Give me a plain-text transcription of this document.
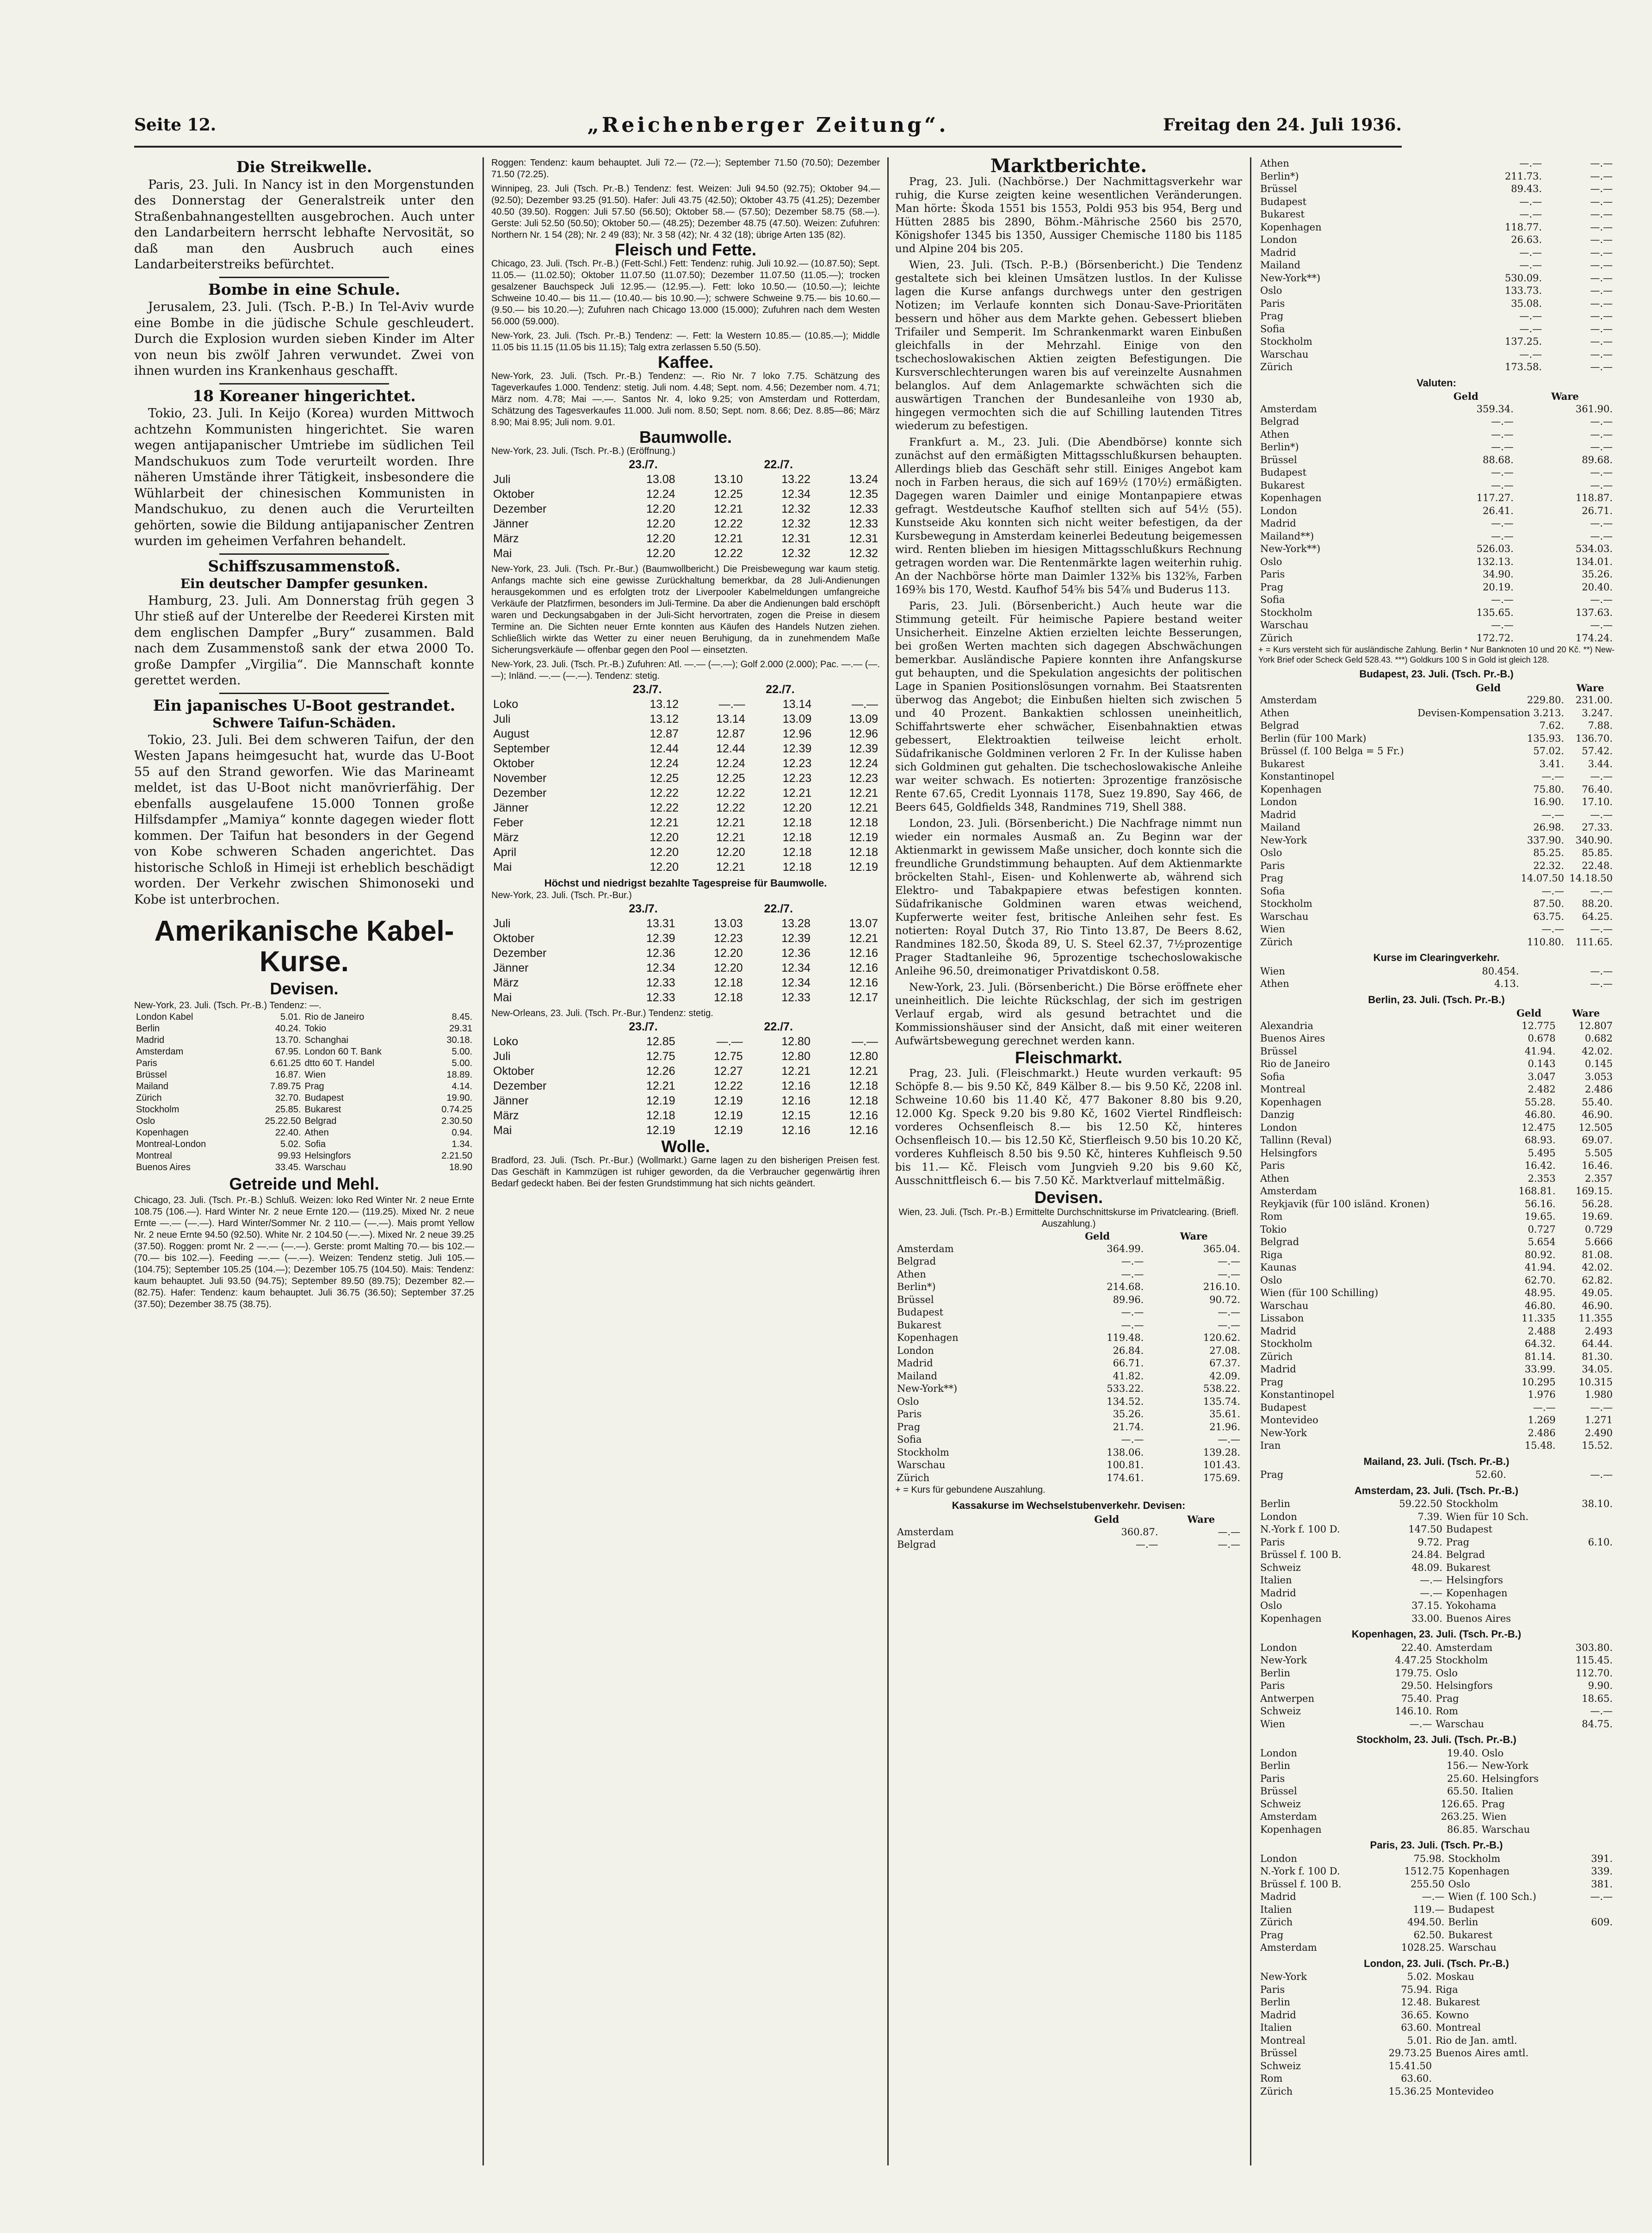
Seite 12.	„Reichenberger Zeitung“.	Freitag den 24. Juli 1936.
Die Streikwelle.

Paris, 23. Juli. In Nancy ist in den Morgenstunden des Donnerstag der Generalstreik unter den Straßenbahnangestellten ausgebrochen. Auch unter den Landarbeitern herrscht lebhafte Nervosität, so daß man den Ausbruch auch eines Landarbeiterstreiks befürchtet.

Bombe in eine Schule.

Jerusalem, 23. Juli. (Tsch. P.-B.) In Tel-Aviv wurde eine Bombe in die jüdische Schule geschleudert. Durch die Explosion wurden sieben Kinder im Alter von neun bis zwölf Jahren verwundet. Zwei von ihnen wurden ins Krankenhaus geschafft.

18 Koreaner hingerichtet.

Tokio, 23. Juli. In Keijo (Korea) wurden Mittwoch achtzehn Kommunisten hingerichtet. Sie waren wegen antijapanischer Umtriebe im südlichen Teil Mandschukuos zum Tode verurteilt worden. Ihre näheren Umstände ihrer Tätigkeit, insbesondere die Wühlarbeit der chinesischen Kommunisten in Mandschukuo, zu denen auch die Verurteilten gehörten, sowie die Bildung antijapanischer Zentren wurden im geheimen Verfahren behandelt.

Schiffszusammenstoß.
Ein deutscher Dampfer gesunken.

Hamburg, 23. Juli. Am Donnerstag früh gegen 3 Uhr stieß auf der Unterelbe der Reederei Kirsten mit dem englischen Dampfer „Bury“ zusammen. Bald nach dem Zusammenstoß sank der etwa 2000 To. große Dampfer „Virgilia“. Die Mannschaft konnte gerettet werden.

Ein japanisches U-Boot gestrandet.
Schwere Taifun-Schäden.

Tokio, 23. Juli. Bei dem schweren Taifun, der den Westen Japans heimgesucht hat, wurde das U-Boot 55 auf den Strand geworfen. Wie das Marineamt meldet, ist das U-Boot nicht manövrierfähig. Der ebenfalls ausgelaufene 15.000 Tonnen große Hilfsdampfer „Mamiya“ konnte dagegen wieder flott kommen. Der Taifun hat besonders in der Gegend von Kobe schweren Schaden angerichtet. Das historische Schloß in Himeji ist erheblich beschädigt worden. Der Verkehr zwischen Shimonoseki und Kobe ist unterbrochen.

Amerikanische Kabel-Kurse.
Devisen.
New-York, 23. Juli. (Tsch. Pr.-B.) Tendenz: —.
London Kabel	5.01.	Rio de Janeiro	8.45.
Berlin	40.24.	Tokio	29.31
Madrid	13.70.	Schanghai	30.18.
Amsterdam	67.95.	London 60 T. Bank	5.00.
Paris	6.61.25	dtto 60 T. Handel	5.00.
Brüssel	16.87.	Wien	18.89.
Mailand	7.89.75	Prag	4.14.
Zürich	32.70.	Budapest	19.90.
Stockholm	25.85.	Bukarest	0.74.25
Oslo	25.22.50	Belgrad	2.30.50
Kopenhagen	22.40.	Athen	0.94.
Montreal-London	5.02.	Sofia	1.34.
Montreal	99.93	Helsingfors	2.21.50
Buenos Aires	33.45.	Warschau	18.90
Getreide und Mehl.
Chicago, 23. Juli. (Tsch. Pr.-B.) Schluß. Weizen: loko Red Winter Nr. 2 neue Ernte 108.75 (106.—). Hard Winter Nr. 2 neue Ernte 120.— (119.25). Mixed Nr. 2 neue Ernte —.— (—.—). Hard Winter/Sommer Nr. 2 110.— (—.—). Mais promt Yellow Nr. 2 neue Ernte 94.50 (92.50). White Nr. 2 104.50 (—.—). Mixed Nr. 2 neue 39.25 (37.50). Roggen: promt Nr. 2 —.— (—.—). Gerste: promt Malting 70.— bis 102.— (70.— bis 102.—). Feeding —.— (—.—). Weizen: Tendenz stetig. Juli 105.— (104.75); September 105.25 (104.—); Dezember 105.75 (104.50). Mais: Tendenz: kaum behauptet. Juli 93.50 (94.75); September 89.50 (89.75); Dezember 82.— (82.75). Hafer: Tendenz: kaum behauptet. Juli 36.75 (36.50); September 37.25 (37.50); Dezember 38.75 (38.75).
Roggen: Tendenz: kaum behauptet. Juli 72.— (72.—); September 71.50 (70.50); Dezember 71.50 (72.25).
Winnipeg, 23. Juli (Tsch. Pr.-B.) Tendenz: fest. Weizen: Juli 94.50 (92.75); Oktober 94.— (92.50); Dezember 93.25 (91.50). Hafer: Juli 43.75 (42.50); Oktober 43.75 (41.25); Dezember 40.50 (39.50). Roggen: Juli 57.50 (56.50); Oktober 58.— (57.50); Dezember 58.75 (58.—). Gerste: Juli 52.50 (50.50); Oktober 50.— (48.25); Dezember 48.75 (47.50). Weizen: Zufuhren: Northern Nr. 1 54 (28); Nr. 2 49 (83); Nr. 3 58 (42); Nr. 4 32 (18); übrige Arten 135 (82).
Fleisch und Fette.
Chicago, 23. Juli. (Tsch. Pr.-B.) (Fett-Schl.) Fett: Tendenz: ruhig. Juli 10.92.— (10.87.50); Sept. 11.05.— (11.02.50); Oktober 11.07.50 (11.07.50); Dezember 11.07.50 (11.05.—); trocken gesalzener Bauchspeck Juli 12.95.— (12.95.—). Fett: loko 10.50.— (10.50.—); leichte Schweine 10.40.— bis 11.— (10.40.— bis 10.90.—); schwere Schweine 9.75.— bis 10.60.— (9.50.— bis 10.20.—); Zufuhren nach Chicago 13.000 (15.000); Zufuhren nach dem Westen 56.000 (59.000).
New-York, 23. Juli. (Tsch. Pr.-B.) Tendenz: —. Fett: la Western 10.85.— (10.85.—); Middle 11.05 bis 11.15 (11.05 bis 11.15); Talg extra zerlassen 5.50 (5.50).
Kaffee.
New-York, 23. Juli. (Tsch. Pr.-B.) Tendenz: —. Rio Nr. 7 loko 7.75. Schätzung des Tageverkaufes 1.000. Tendenz: stetig. Juli nom. 4.48; Sept. nom. 4.56; Dezember nom. 4.71; März nom. 4.78; Mai —.—. Santos Nr. 4, loko 9.25; von Amsterdam und Rotterdam, Schätzung des Tagesverkaufes 11.000. Juli nom. 8.50; Sept. nom. 8.66; Dez. 8.85—86; März 8.90; Mai 8.95; Juli nom. 9.01.
Baumwolle.
New-York, 23. Juli. (Tsch. Pr.-B.) (Eröffnung.)
	23./7.		22./7.	
Juli	13.08	13.10	13.22	13.24
Oktober	12.24	12.25	12.34	12.35
Dezember	12.20	12.21	12.32	12.33
Jänner	12.20	12.22	12.32	12.33
März	12.20	12.21	12.31	12.31
Mai	12.20	12.22	12.32	12.32
New-York, 23. Juli. (Tsch. Pr.-Bur.) (Baumwollbericht.) Die Preisbewegung war kaum stetig. Anfangs machte sich eine gewisse Zurückhaltung bemerkbar, da 28 Juli-Andienungen herausgekommen und es erfolgten trotz der Liverpooler Kabelmeldungen umfangreiche Verkäufe der Platzfirmen, besonders im Juli-Termine. Da aber die Andienungen bald erschöpft waren und Deckungsabgaben in der Juli-Sicht hervortraten, zogen die Preise in diesem Termine an. Die Sichten neuer Ernte konnten aus Käufen des Handels Nutzen ziehen. Schließlich wirkte das Wetter zu einer neuen Beruhigung, da in zunehmendem Maße Sicherungsverkäufe — offenbar gegen den Pool — einsetzten.
New-York, 23. Juli. (Tsch. Pr.-B.) Zufuhren: Atl. —.— (—.—); Golf 2.000 (2.000); Pac. —.— (—.—); Inländ. —.— (—.—). Tendenz: stetig.
	23./7.		22./7.	
Loko	13.12	—.—	13.14	—.—
Juli	13.12	13.14	13.09	13.09
August	12.87	12.87	12.96	12.96
September	12.44	12.44	12.39	12.39
Oktober	12.24	12.24	12.23	12.24
November	12.25	12.25	12.23	12.23
Dezember	12.22	12.22	12.21	12.21
Jänner	12.22	12.22	12.20	12.21
Feber	12.21	12.21	12.18	12.18
März	12.20	12.21	12.18	12.19
April	12.20	12.20	12.18	12.18
Mai	12.20	12.21	12.18	12.19
Höchst und niedrigst bezahlte Tagespreise für Baumwolle.
New-York, 23. Juli. (Tsch. Pr.-Bur.)
	23./7.		22./7.	
Juli	13.31	13.03	13.28	13.07
Oktober	12.39	12.23	12.39	12.21
Dezember	12.36	12.20	12.36	12.16
Jänner	12.34	12.20	12.34	12.16
März	12.33	12.18	12.34	12.16
Mai	12.33	12.18	12.33	12.17
New-Orleans, 23. Juli. (Tsch. Pr.-Bur.) Tendenz: stetig.
	23./7.		22./7.	
Loko	12.85	—.—	12.80	—.—
Juli	12.75	12.75	12.80	12.80
Oktober	12.26	12.27	12.21	12.21
Dezember	12.21	12.22	12.16	12.18
Jänner	12.19	12.19	12.16	12.18
März	12.18	12.19	12.15	12.16
Mai	12.19	12.19	12.16	12.16
Wolle.
Bradford, 23. Juli. (Tsch. Pr.-Bur.) (Wollmarkt.) Garne lagen zu den bisherigen Preisen fest. Das Geschäft in Kammzügen ist ruhiger geworden, da die Verbraucher gegenwärtig ihren Bedarf gedeckt haben. Bei der festen Grundstimmung hat sich nichts geändert.
Marktberichte.

Prag, 23. Juli. (Nachbörse.) Der Nachmittagsverkehr war ruhig, die Kurse zeigten keine wesentlichen Veränderungen. Man hörte: Škoda 1551 bis 1553, Poldi 953 bis 954, Berg und Hütten 2885 bis 2890, Böhm.-Mährische 2560 bis 2570, Königshofer 1345 bis 1350, Aussiger Chemische 1180 bis 1185 und Alpine 204 bis 205.

Wien, 23. Juli. (Tsch. P.-B.) (Börsenbericht.) Die Tendenz gestaltete sich bei kleinen Umsätzen lustlos. In der Kulisse lagen die Kurse anfangs durchwegs unter den gestrigen Notizen; im Verlaufe konnten sich Donau-Save-Prioritäten bessern und höher aus dem Markte gehen. Gebessert blieben Trifailer und Semperit. Im Schrankenmarkt waren Einbußen gleichfalls in der Mehrzahl. Einige von den tschechoslowakischen Aktien zeigten Befestigungen. Die Kursverschlechterungen waren bis auf vereinzelte Ausnahmen belanglos. Auf dem Anlagemarkte schwächten sich die auswärtigen Tranchen der Bundesanleihe von 1930 ab, hingegen vermochten sich die auf Schilling lautenden Titres wiederum zu befestigen.

Frankfurt a. M., 23. Juli. (Die Abendbörse) konnte sich zunächst auf den ermäßigten Mittagsschlußkursen behaupten. Allerdings blieb das Geschäft sehr still. Einiges Angebot kam noch in Farben heraus, die sich auf 169½ (170½) ermäßigten. Dagegen waren Daimler und einige Montanpapiere etwas gefragt. Westdeutsche Kaufhof stellten sich auf 54½ (55). Kunstseide Aku konnten sich nicht weiter befestigen, da der Kursbewegung in Amsterdam keinerlei Bedeutung beigemessen wird. Renten blieben im hiesigen Mittagsschlußkurs Rechnung getragen worden war. Die Rentenmärkte lagen weiterhin ruhig. An der Nachbörse hörte man Daimler 132⅜ bis 132⅝, Farben 169⅜ bis 170, Westd. Kaufhof 54⅝ bis 54⅞ und Buderus 113.

Paris, 23. Juli. (Börsenbericht.) Auch heute war die Stimmung geteilt. Für heimische Papiere bestand weiter Unsicherheit. Einzelne Aktien erzielten leichte Besserungen, bei großen Werten machten sich dagegen Abschwächungen bemerkbar. Ausländische Papiere konnten ihre Anfangskurse gut behaupten, und die Spekulation angesichts der politischen Lage in Spanien Positionslösungen vornahm. Bei Staatsrenten überwog das Angebot; die Einbußen hielten sich zwischen 5 und 40 Prozent. Bankaktien schlossen uneinheitlich, Schiffahrtswerte eher schwächer, Eisenbahnaktien etwas gebessert, Elektroaktien teilweise leicht erholt. Südafrikanische Goldminen verloren 2 Fr. In der Kulisse haben sich Goldminen gut gehalten. Die tschechoslowakische Anleihe war weiter schwach. Es notierten: 3prozentige französische Rente 67.65, Credit Lyonnais 1178, Suez 19.890, Say 466, de Beers 645, Goldfields 348, Randmines 719, Shell 388.

London, 23. Juli. (Börsenbericht.) Die Nachfrage nimmt nun wieder ein normales Ausmaß an. Zu Beginn war der Aktienmarkt in gewissem Maße unsicher, doch konnte sich die freundliche Grundstimmung behaupten. Auf dem Aktienmarkte bröckelten Stahl-, Eisen- und Kohlenwerte ab, während sich Elektro- und Tabakpapiere etwas befestigen konnten. Südafrikanische Goldminen waren etwas weichend, Kupferwerte weiter fest, britische Anleihen sehr fest. Es notierten: Royal Dutch 37, Rio Tinto 13.87, De Beers 8.62, Randmines 182.50, Škoda 89, U. S. Steel 62.37, 7½prozentige Prager Stadtanleihe 96, 5prozentige tschechoslowakische Anleihe 96.50, dreimonatiger Privatdiskont 0.58.

New-York, 23. Juli. (Börsenbericht.) Die Börse eröffnete eher uneinheitlich. Die leichte Rückschlag, der sich im gestrigen Verlauf ergab, wird als gesund betrachtet und die Kommissionshäuser sind der Ansicht, daß mit einer weiteren Aufwärtsbewegung gerechnet werden kann.

Fleischmarkt.

Prag, 23. Juli. (Fleischmarkt.) Heute wurden verkauft: 95 Schöpfe 8.— bis 9.50 Kč, 849 Kälber 8.— bis 9.50 Kč, 2208 inl. Schweine 10.60 bis 11.40 Kč, 477 Bakoner 8.80 bis 9.20, 12.000 Kg. Speck 9.20 bis 9.80 Kč, 1602 Viertel Rindfleisch: vorderes Ochsenfleisch 8.— bis 12.50 Kč, hinteres Ochsenfleisch 10.— bis 12.50 Kč, Stierfleisch 9.50 bis 10.20 Kč, vorderes Kuhfleisch 8.50 bis 9.50 Kč, hinteres Kuhfleisch 9.50 bis 11.— Kč. Fleisch vom Jungvieh 9.20 bis 9.60 Kč, Ausschnittfleisch 6.— bis 7.50 Kč. Marktverlauf mittelmäßig.

Devisen.
Wien, 23. Juli. (Tsch. Pr.-B.) Ermittelte Durchschnittskurse im Privatclearing. (Briefl. Auszahlung.)
	Geld	Ware
Amsterdam	364.99.	365.04.
Belgrad	—.—	—.—
Athen	—.—	—.—
Berlin*)	214.68.	216.10.
Brüssel	89.96.	90.72.
Budapest	—.—	—.—
Bukarest	—.—	—.—
Kopenhagen	119.48.	120.62.
London	26.84.	27.08.
Madrid	66.71.	67.37.
Mailand	41.82.	42.09.
New-York**)	533.22.	538.22.
Oslo	134.52.	135.74.
Paris	35.26.	35.61.
Prag	21.74.	21.96.
Sofia	—.—	—.—
Stockholm	138.06.	139.28.
Warschau	100.81.	101.43.
Zürich	174.61.	175.69.
+ = Kurs für gebundene Auszahlung.
Kassakurse im Wechselstubenverkehr. Devisen:
	Geld	Ware
Amsterdam	360.87.	—.—
Belgrad	—.—	—.—
Athen	—.—	—.—
Berlin*)	211.73.	—.—
Brüssel	89.43.	—.—
Budapest	—.—	—.—
Bukarest	—.—	—.—
Kopenhagen	118.77.	—.—
London	26.63.	—.—
Madrid	—.—	—.—
Mailand	—.—	—.—
New-York**)	530.09.	—.—
Oslo	133.73.	—.—
Paris	35.08.	—.—
Prag	—.—	—.—
Sofia	—.—	—.—
Stockholm	137.25.	—.—
Warschau	—.—	—.—
Zürich	173.58.	—.—
Valuten:
	Geld	Ware
Amsterdam	359.34.	361.90.
Belgrad	—.—	—.—
Athen	—.—	—.—
Berlin*)	—.—	—.—
Brüssel	88.68.	89.68.
Budapest	—.—	—.—
Bukarest	—.—	—.—
Kopenhagen	117.27.	118.87.
London	26.41.	26.71.
Madrid	—.—	—.—
Mailand**)	—.—	—.—
New-York**)	526.03.	534.03.
Oslo	132.13.	134.01.
Paris	34.90.	35.26.
Prag	20.19.	20.40.
Sofia	—.—	—.—
Stockholm	135.65.	137.63.
Warschau	—.—	—.—
Zürich	172.72.	174.24.
+ = Kurs versteht sich für ausländische Zahlung. Berlin * Nur Banknoten 10 und 20 Kč. **) New-York Brief oder Scheck Geld 528.43. ***) Goldkurs 100 S in Gold ist gleich 128.
Budapest, 23. Juli. (Tsch. Pr.-B.)
	Geld	Ware
Amsterdam	229.80.	231.00.
Athen	Devisen-Kompensation 3.213.	3.247.
Belgrad	7.62.	7.88.
Berlin (für 100 Mark)	135.93.	136.70.
Brüssel (f. 100 Belga = 5 Fr.)	57.02.	57.42.
Bukarest	3.41.	3.44.
Konstantinopel	—.—	—.—
Kopenhagen	75.80.	76.40.
London	16.90.	17.10.
Madrid	—.—	—.—
Mailand	26.98.	27.33.
New-York	337.90.	340.90.
Oslo	85.25.	85.85.
Paris	22.32.	22.48.
Prag	14.07.50	14.18.50
Sofia	—.—	—.—
Stockholm	87.50.	88.20.
Warschau	63.75.	64.25.
Wien	—.—	—.—
Zürich	110.80.	111.65.
Kurse im Clearingverkehr.
Wien	80.454.	—.—
Athen	4.13.	—.—
Berlin, 23. Juli. (Tsch. Pr.-B.)
	Geld	Ware
Alexandria	12.775	12.807
Buenos Aires	0.678	0.682
Brüssel	41.94.	42.02.
Rio de Janeiro	0.143	0.145
Sofia	3.047	3.053
Montreal	2.482	2.486
Kopenhagen	55.28.	55.40.
Danzig	46.80.	46.90.
London	12.475	12.505
Tallinn (Reval)	68.93.	69.07.
Helsingfors	5.495	5.505
Paris	16.42.	16.46.
Athen	2.353	2.357
Amsterdam	168.81.	169.15.
Reykjavik (für 100 isländ. Kronen)	56.16.	56.28.
Rom	19.65.	19.69.
Tokio	0.727	0.729
Belgrad	5.654	5.666
Riga	80.92.	81.08.
Kaunas	41.94.	42.02.
Oslo	62.70.	62.82.
Wien (für 100 Schilling)	48.95.	49.05.
Warschau	46.80.	46.90.
Lissabon	11.335	11.355
Madrid	2.488	2.493
Stockholm	64.32.	64.44.
Zürich	81.14.	81.30.
Madrid	33.99.	34.05.
Prag	10.295	10.315
Konstantinopel	1.976	1.980
Budapest	—.—	—.—
Montevideo	1.269	1.271
New-York	2.486	2.490
Iran	15.48.	15.52.
Mailand, 23. Juli. (Tsch. Pr.-B.)
Prag	52.60.	—.—
Amsterdam, 23. Juli. (Tsch. Pr.-B.)
Berlin	59.22.50	Stockholm	38.10.
London	7.39.	Wien für 10 Sch.	
N.-York f. 100 D.	147.50	Budapest	
Paris	9.72.	Prag	6.10.
Brüssel f. 100 B.	24.84.	Belgrad	
Schweiz	48.09.	Bukarest	
Italien	—.—	Helsingfors	
Madrid	—.—	Kopenhagen	
Oslo	37.15.	Yokohama	
Kopenhagen	33.00.	Buenos Aires	
Kopenhagen, 23. Juli. (Tsch. Pr.-B.)
London	22.40.	Amsterdam	303.80.
New-York	4.47.25	Stockholm	115.45.
Berlin	179.75.	Oslo	112.70.
Paris	29.50.	Helsingfors	9.90.
Antwerpen	75.40.	Prag	18.65.
Schweiz	146.10.	Rom	—.—
Wien	—.—	Warschau	84.75.
Stockholm, 23. Juli. (Tsch. Pr.-B.)
London	19.40.	Oslo	
Berlin	156.—	New-York	
Paris	25.60.	Helsingfors	
Brüssel	65.50.	Italien	
Schweiz	126.65.	Prag	
Amsterdam	263.25.	Wien	
Kopenhagen	86.85.	Warschau	
Paris, 23. Juli. (Tsch. Pr.-B.)
London	75.98.	Stockholm	391.
N.-York f. 100 D.	1512.75	Kopenhagen	339.
Brüssel f. 100 B.	255.50	Oslo	381.
Madrid	—.—	Wien (f. 100 Sch.)	—.—
Italien	119.—	Budapest	
Zürich	494.50.	Berlin	609.
Prag	62.50.	Bukarest	
Amsterdam	1028.25.	Warschau	
London, 23. Juli. (Tsch. Pr.-B.)
New-York	5.02.	Moskau	
Paris	75.94.	Riga	
Berlin	12.48.	Bukarest	
Madrid	36.65.	Kowno	
Italien	63.60.	Montreal	
Montreal	5.01.	Rio de Jan. amtl.	
Brüssel	29.73.25	Buenos Aires amtl.	
Schweiz	15.41.50		
Rom	63.60.		
Zürich	15.36.25	Montevideo	
